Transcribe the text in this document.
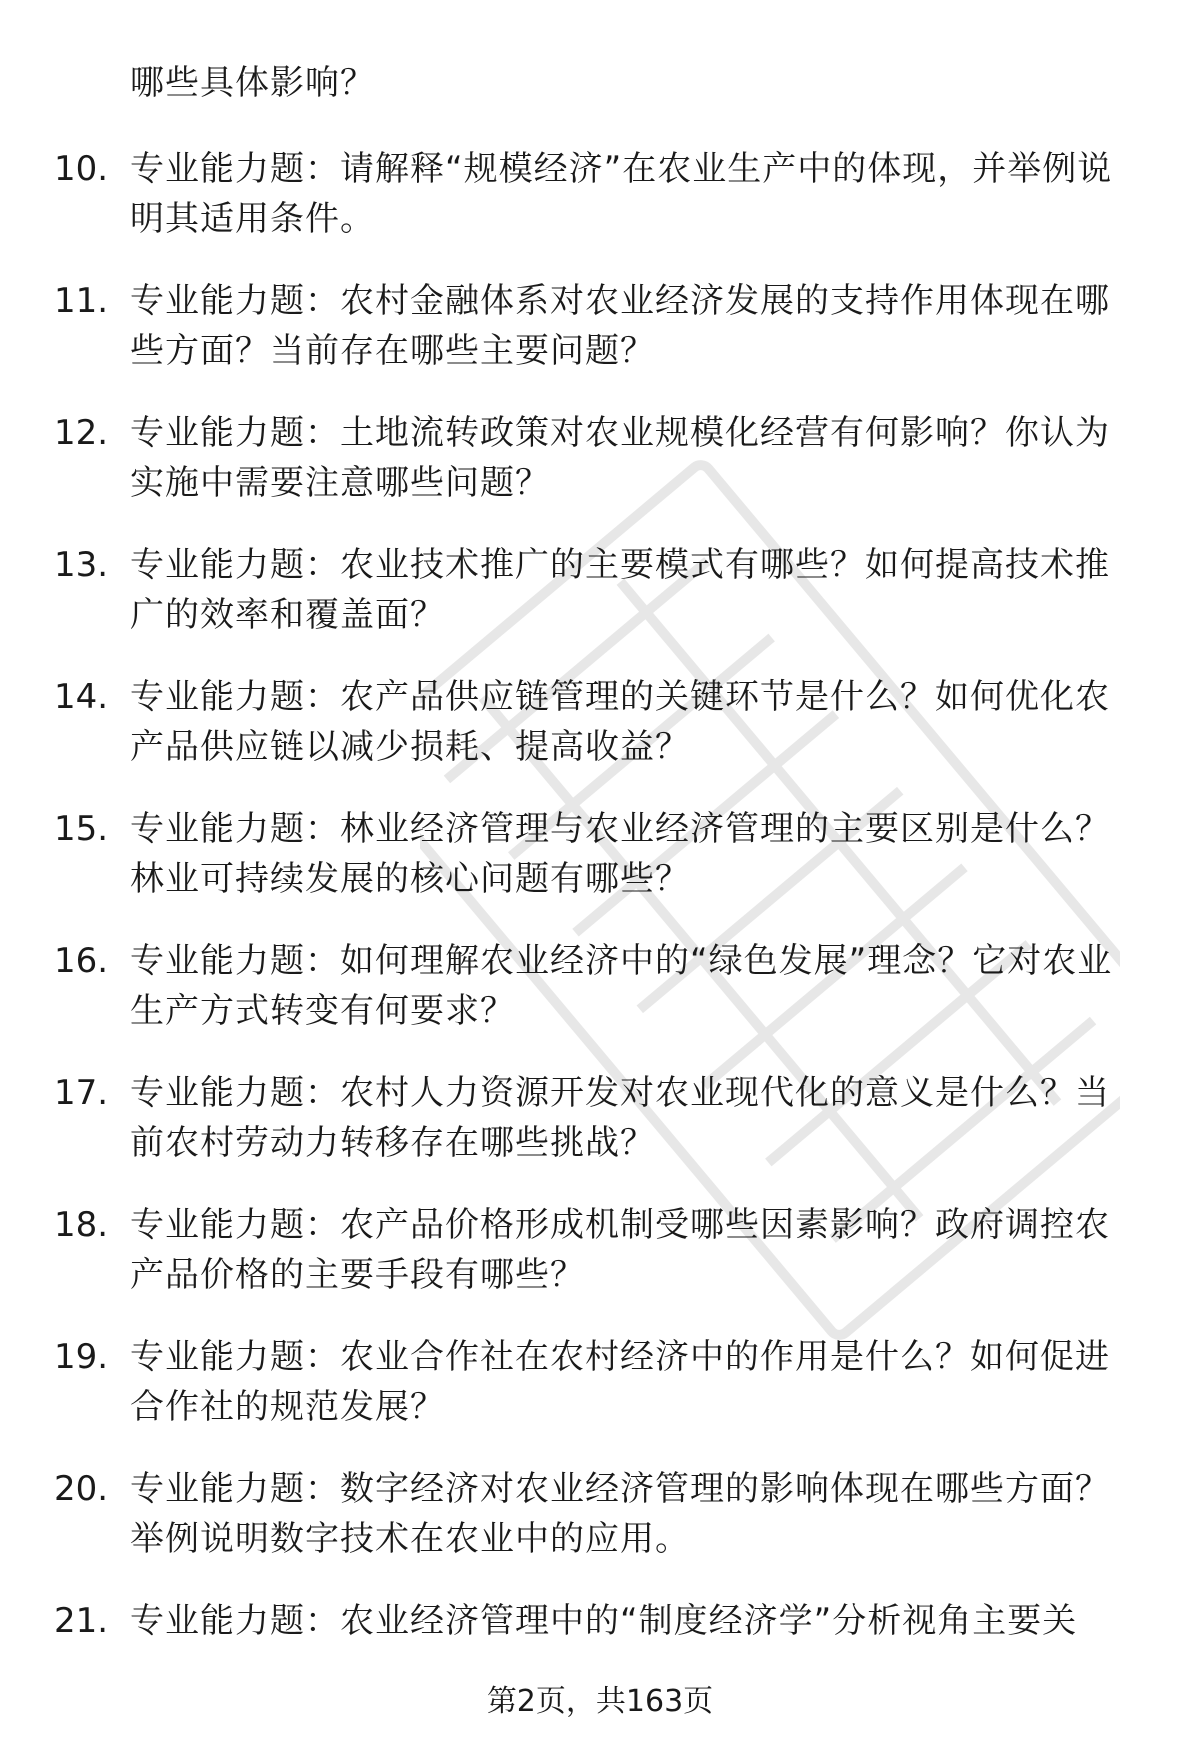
哪些具体影响？
10. 专业能力题：请解释“规模经济”在农业生产中的体现，并举例说明其适用条件。
11. 专业能力题：农村金融体系对农业经济发展的支持作用体现在哪些方面？当前存在哪些主要问题？
12. 专业能力题：土地流转政策对农业规模化经营有何影响？你认为实施中需要注意哪些问题？
13. 专业能力题：农业技术推广的主要模式有哪些？如何提高技术推广的效率和覆盖面？
14. 专业能力题：农产品供应链管理的关键环节是什么？如何优化农产品供应链以减少损耗、提高收益？
15. 专业能力题：林业经济管理与农业经济管理的主要区别是什么？林业可持续发展的核心问题有哪些？
16. 专业能力题：如何理解农业经济中的“绿色发展”理念？它对农业生产方式转变有何要求？
17. 专业能力题：农村人力资源开发对农业现代化的意义是什么？当前农村劳动力转移存在哪些挑战？
18. 专业能力题：农产品价格形成机制受哪些因素影响？政府调控农产品价格的主要手段有哪些？
19. 专业能力题：农业合作社在农村经济中的作用是什么？如何促进合作社的规范发展？
20. 专业能力题：数字经济对农业经济管理的影响体现在哪些方面？举例说明数字技术在农业中的应用。
21. 专业能力题：农业经济管理中的“制度经济学”分析视角主要关
第2页，共163页
